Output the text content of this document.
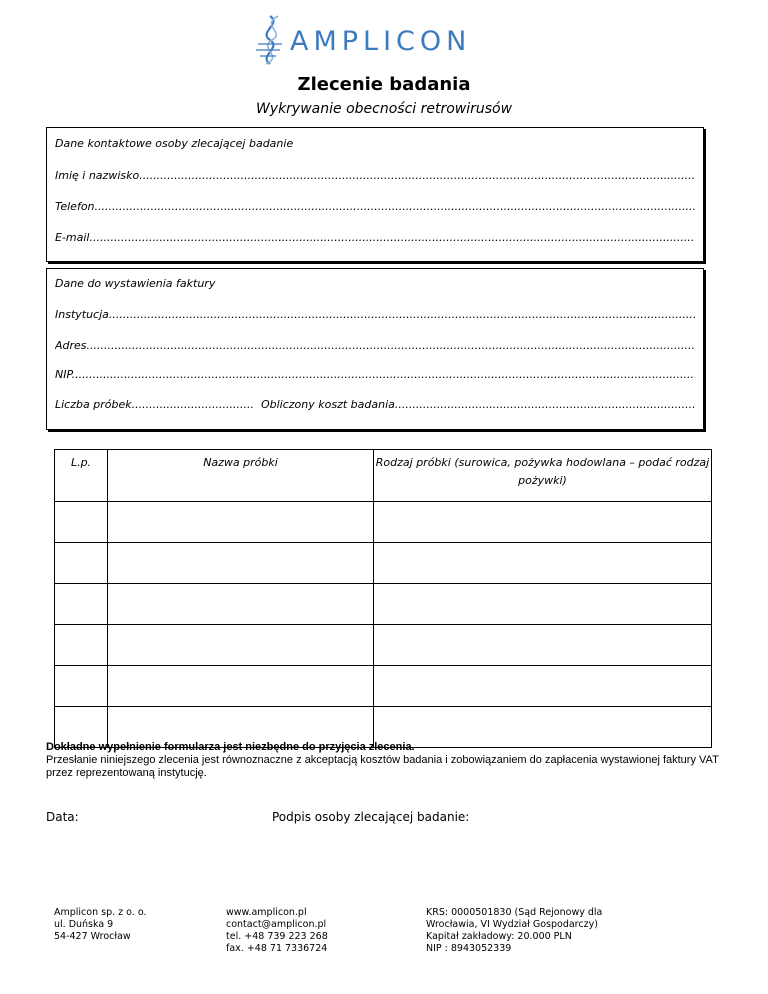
AMPLICON
Zlecenie badania
Wykrywanie obecności retrowirusów
Dane kontaktowe osoby zlecającej badanie
Imię i nazwisko .....
Telefon .....
E-mail .....
Dane do wystawienia faktury
Instytucja .....
Adres .....
NIP .....
Liczba próbek................................... Obliczony koszt badania .....
L.p.	Nazwa próbki	Rodzaj próbki (surowica, pożywka hodowlana – podać rodzaj pożywki)

Dokładne wypełnienie formularza jest niezbędne do przyjęcia zlecenia.
Przesłanie niniejszego zlecenia jest równoznaczne z akceptacją kosztów badania i zobowiązaniem do zapłacenia wystawionej faktury VAT przez reprezentowaną instytucję.
Data:	Podpis osoby zlecającej badanie:
Amplicon sp. z o. o.
ul. Duńska 9
54-427 Wrocław
www.amplicon.pl
contact@amplicon.pl
tel. +48 739 223 268
fax. +48 71 7336724
KRS: 0000501830 (Sąd Rejonowy dla
Wrocławia, VI Wydział Gospodarczy)
Kapitał zakładowy: 20.000 PLN
NIP : 8943052339
